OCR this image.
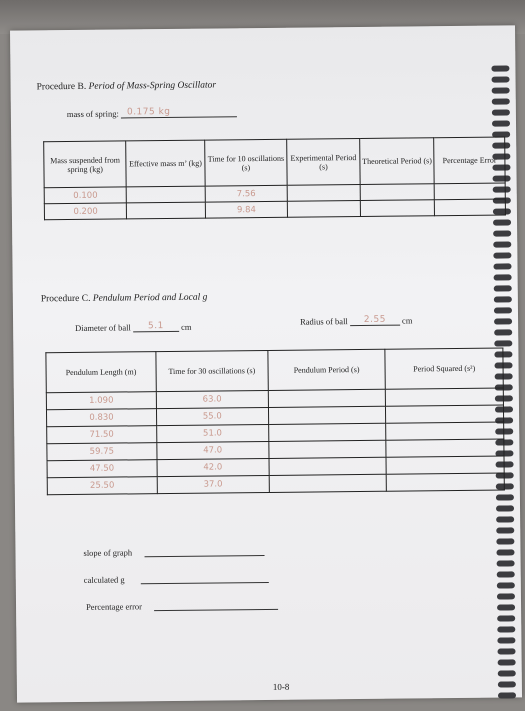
Procedure B. Period of Mass-Spring Oscillator
mass of spring: 0.175 kg
Mass suspended from spring (kg)	Effective mass m’ (kg)	Time for 10 oscillations (s)	Experimental Period (s)	Theoretical Period (s)	Percentage Error
0.100		7.56			
0.200		9.84			
Procedure C. Pendulum Period and Local g
Diameter of ball 5.1 cm
Radius of ball 2.55 cm
Pendulum Length (m)	Time for 30 oscillations (s)	Pendulum Period (s)	Period Squared (s²)
1.090	63.0		
0.830	55.0		
71.50	51.0		
59.75	47.0		
47.50	42.0		
25.50	37.0		
slope of graph
calculated g
Percentage error
10-8
